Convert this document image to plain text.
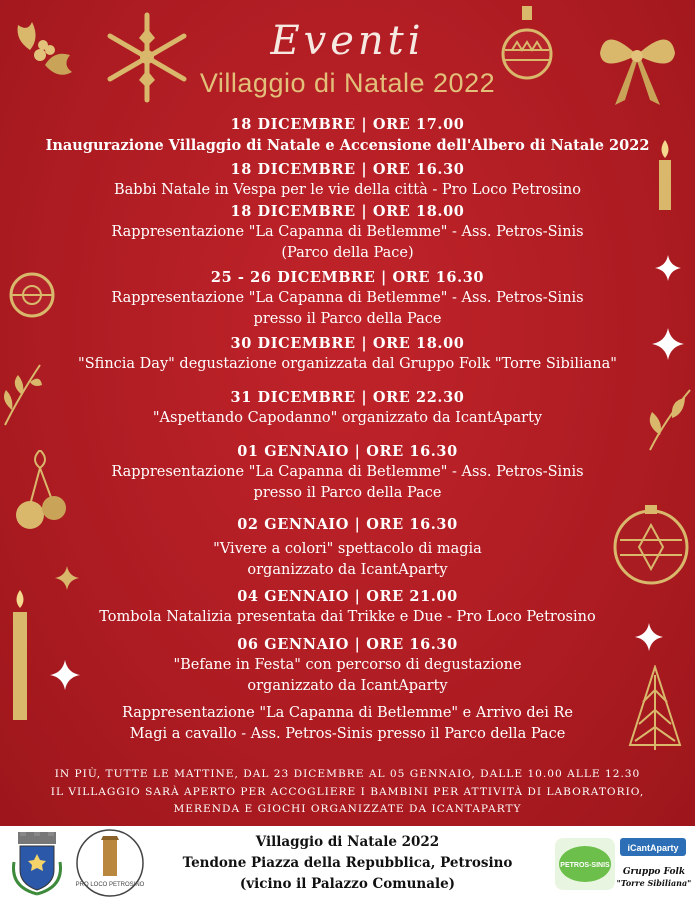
Eventi
Villaggio di Natale 2022
18 DICEMBRE | ORE 17.00
Inaugurazione Villaggio di Natale e Accensione dell'Albero di Natale 2022
18 DICEMBRE | ORE 16.30
Babbi Natale in Vespa per le vie della città - Pro Loco Petrosino
18 DICEMBRE | ORE 18.00
Rappresentazione "La Capanna di Betlemme" - Ass. Petros-Sinis
(Parco della Pace)
25 - 26 DICEMBRE | ORE 16.30
Rappresentazione "La Capanna di Betlemme" - Ass. Petros-Sinis
presso il Parco della Pace
30 DICEMBRE | ORE 18.00
"Sfincia Day" degustazione organizzata dal Gruppo Folk "Torre Sibiliana"
31 DICEMBRE | ORE 22.30
"Aspettando Capodanno" organizzato da IcantAparty
01 GENNAIO | ORE 16.30
Rappresentazione "La Capanna di Betlemme" - Ass. Petros-Sinis
presso il Parco della Pace
02 GENNAIO | ORE 16.30
"Vivere a colori" spettacolo di magia
organizzato da IcantAparty
04 GENNAIO | ORE 21.00
Tombola Natalizia presentata dai Trikke e Due - Pro Loco Petrosino
06 GENNAIO | ORE 16.30
"Befane in Festa" con percorso di degustazione
organizzato da IcantAparty
Rappresentazione "La Capanna di Betlemme" e Arrivo dei Re
Magi a cavallo - Ass. Petros-Sinis presso il Parco della Pace
IN PIÙ, TUTTE LE MATTINE, DAL 23 DICEMBRE AL 05 GENNAIO, DALLE 10.00 ALLE 12.30
IL VILLAGGIO SARÀ APERTO PER ACCOGLIERE I BAMBINI PER ATTIVITÀ DI LABORATORIO,
MERENDA E GIOCHI ORGANIZZATE DA ICANTAPARTY
PRO LOCO PETROSINO
Villaggio di Natale 2022
Tendone Piazza della Repubblica, Petrosino
(vicino il Palazzo Comunale)
PETROS-SINIS
iCantAparty
Gruppo Folk
"Torre Sibiliana"
